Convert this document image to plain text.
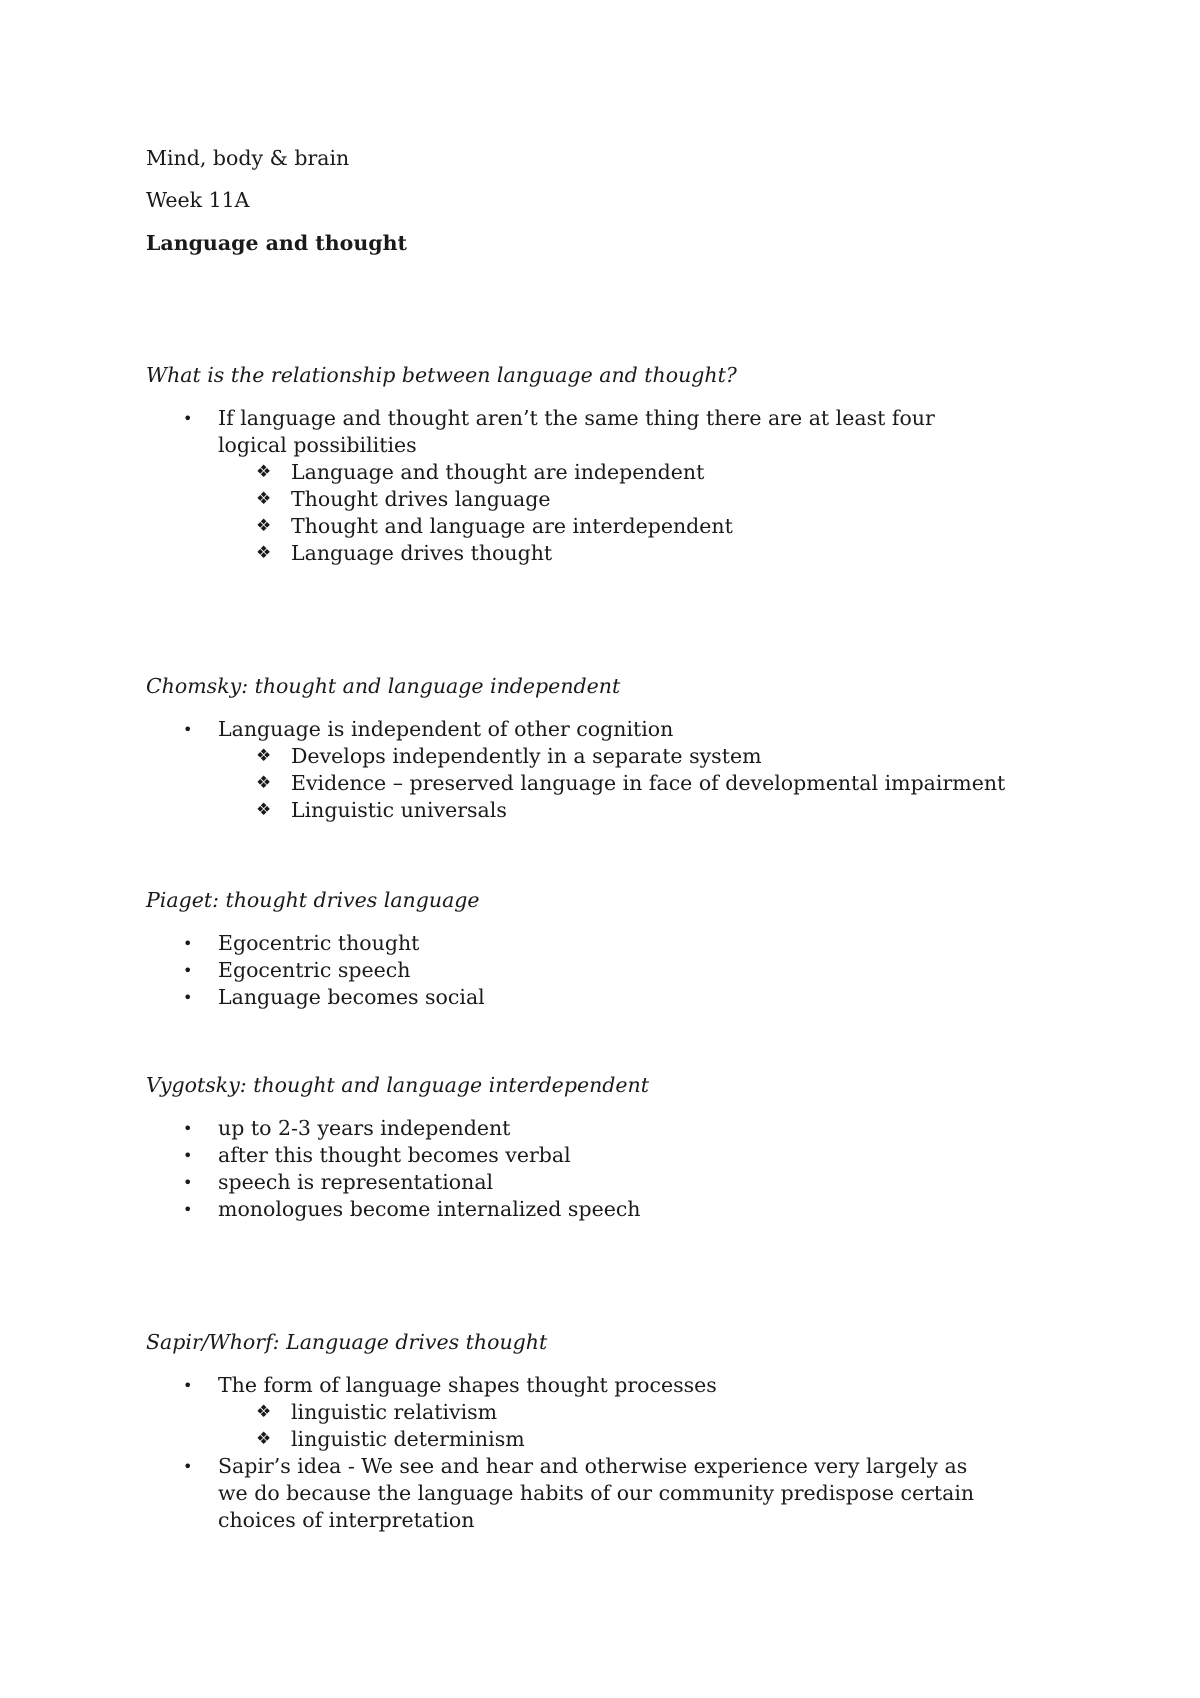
Mind, body & brain
Week 11A
Language and thought
What is the relationship between language and thought?
• If language and thought aren’t the same thing there are at least four logical possibilities
❖ Language and thought are independent
❖ Thought drives language
❖ Thought and language are interdependent
❖ Language drives thought
Chomsky: thought and language independent
• Language is independent of other cognition
❖ Develops independently in a separate system
❖ Evidence – preserved language in face of developmental impairment
❖ Linguistic universals
Piaget: thought drives language
• Egocentric thought
• Egocentric speech
• Language becomes social
Vygotsky: thought and language interdependent
• up to 2-3 years independent
• after this thought becomes verbal
• speech is representational
• monologues become internalized speech
Sapir/Whorf: Language drives thought
• The form of language shapes thought processes
❖ linguistic relativism
❖ linguistic determinism
• Sapir’s idea - We see and hear and otherwise experience very largely as we do because the language habits of our community predispose certain choices of interpretation
